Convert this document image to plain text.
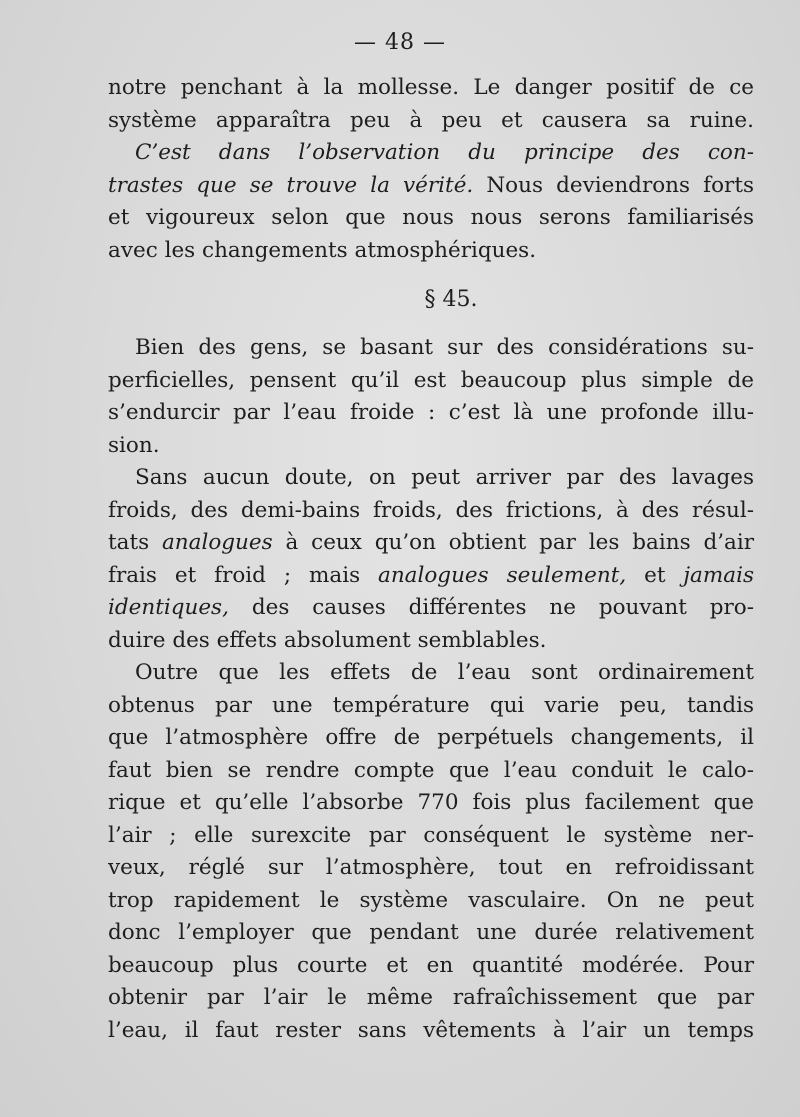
— 48 —
notre penchant à la mollesse. Le danger positif de ce
système apparaîtra peu à peu et causera sa ruine.
C’est dans l’observation du principe des con-
trastes que se trouve la vérité. Nous deviendrons forts
et vigoureux selon que nous nous serons familiarisés
avec les changements atmosphériques.
§ 45.
Bien des gens, se basant sur des considérations su-
perficielles, pensent qu’il est beaucoup plus simple de
s’endurcir par l’eau froide : c’est là une profonde illu-
sion.
Sans aucun doute, on peut arriver par des lavages
froids, des demi-bains froids, des frictions, à des résul-
tats analogues à ceux qu’on obtient par les bains d’air
frais et froid ; mais analogues seulement, et jamais
identiques, des causes différentes ne pouvant pro-
duire des effets absolument semblables.
Outre que les effets de l’eau sont ordinairement
obtenus par une température qui varie peu, tandis
que l’atmosphère offre de perpétuels changements, il
faut bien se rendre compte que l’eau conduit le calo-
rique et qu’elle l’absorbe 770 fois plus facilement que
l’air ; elle surexcite par conséquent le système ner-
veux, réglé sur l’atmosphère, tout en refroidissant
trop rapidement le système vasculaire. On ne peut
donc l’employer que pendant une durée relativement
beaucoup plus courte et en quantité modérée. Pour
obtenir par l’air le même rafraîchissement que par
l’eau, il faut rester sans vêtements à l’air un temps
